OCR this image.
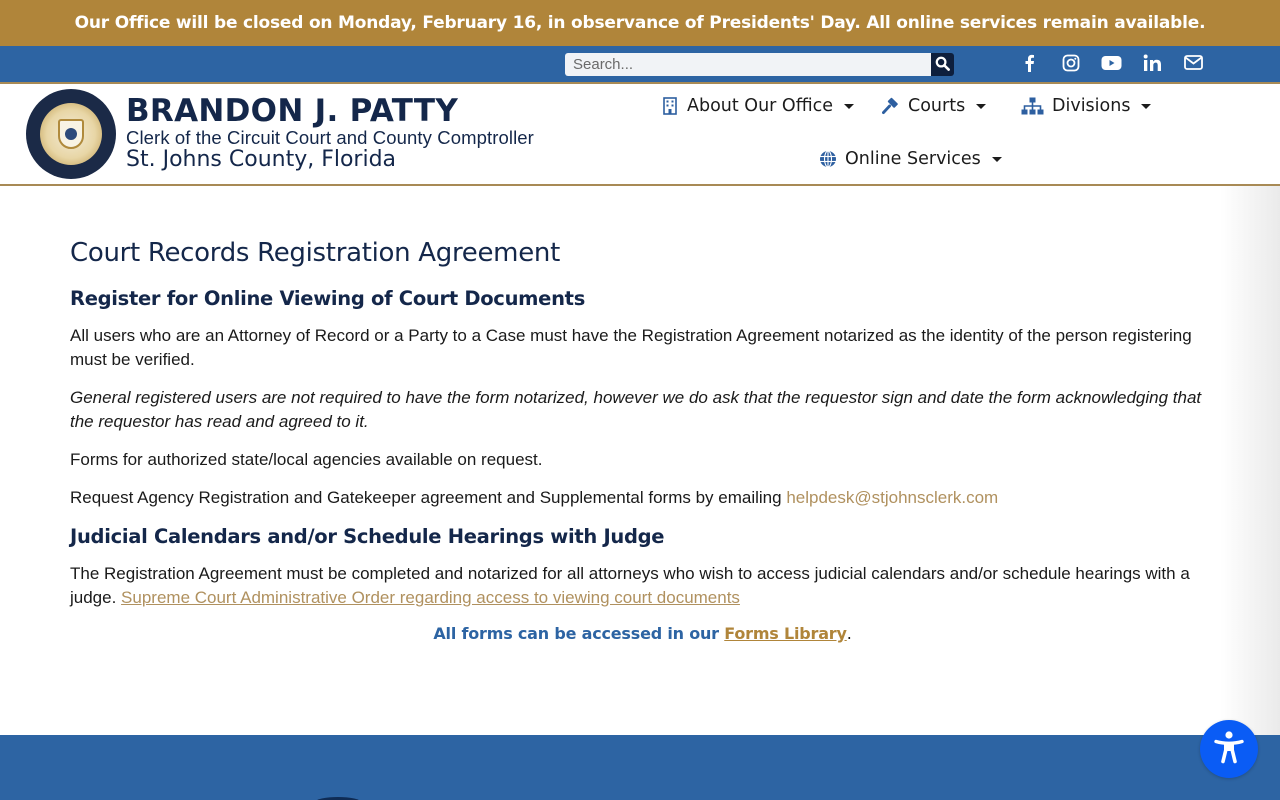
Our Office will be closed on Monday, February 16, in observance of Presidents' Day. All online services remain available.
Search...
BRANDON J. PATTY
Clerk of the Circuit Court and County Comptroller
St. Johns County, Florida
About Our Office	Courts	Divisions
Online Services
Court Records Registration Agreement
Register for Online Viewing of Court Documents

All users who are an Attorney of Record or a Party to a Case must have the Registration Agreement notarized as the identity of the person registering must be verified.

General registered users are not required to have the form notarized, however we do ask that the requestor sign and date the form acknowledging that the requestor has read and agreed to it.

Forms for authorized state/local agencies available on request.

Request Agency Registration and Gatekeeper agreement and Supplemental forms by emailing helpdesk@stjohnsclerk.com

Judicial Calendars and/or Schedule Hearings with Judge

The Registration Agreement must be completed and notarized for all attorneys who wish to access judicial calendars and/or schedule hearings with a judge. Supreme Court Administrative Order regarding access to viewing court documents

All forms can be accessed in our Forms Library.
